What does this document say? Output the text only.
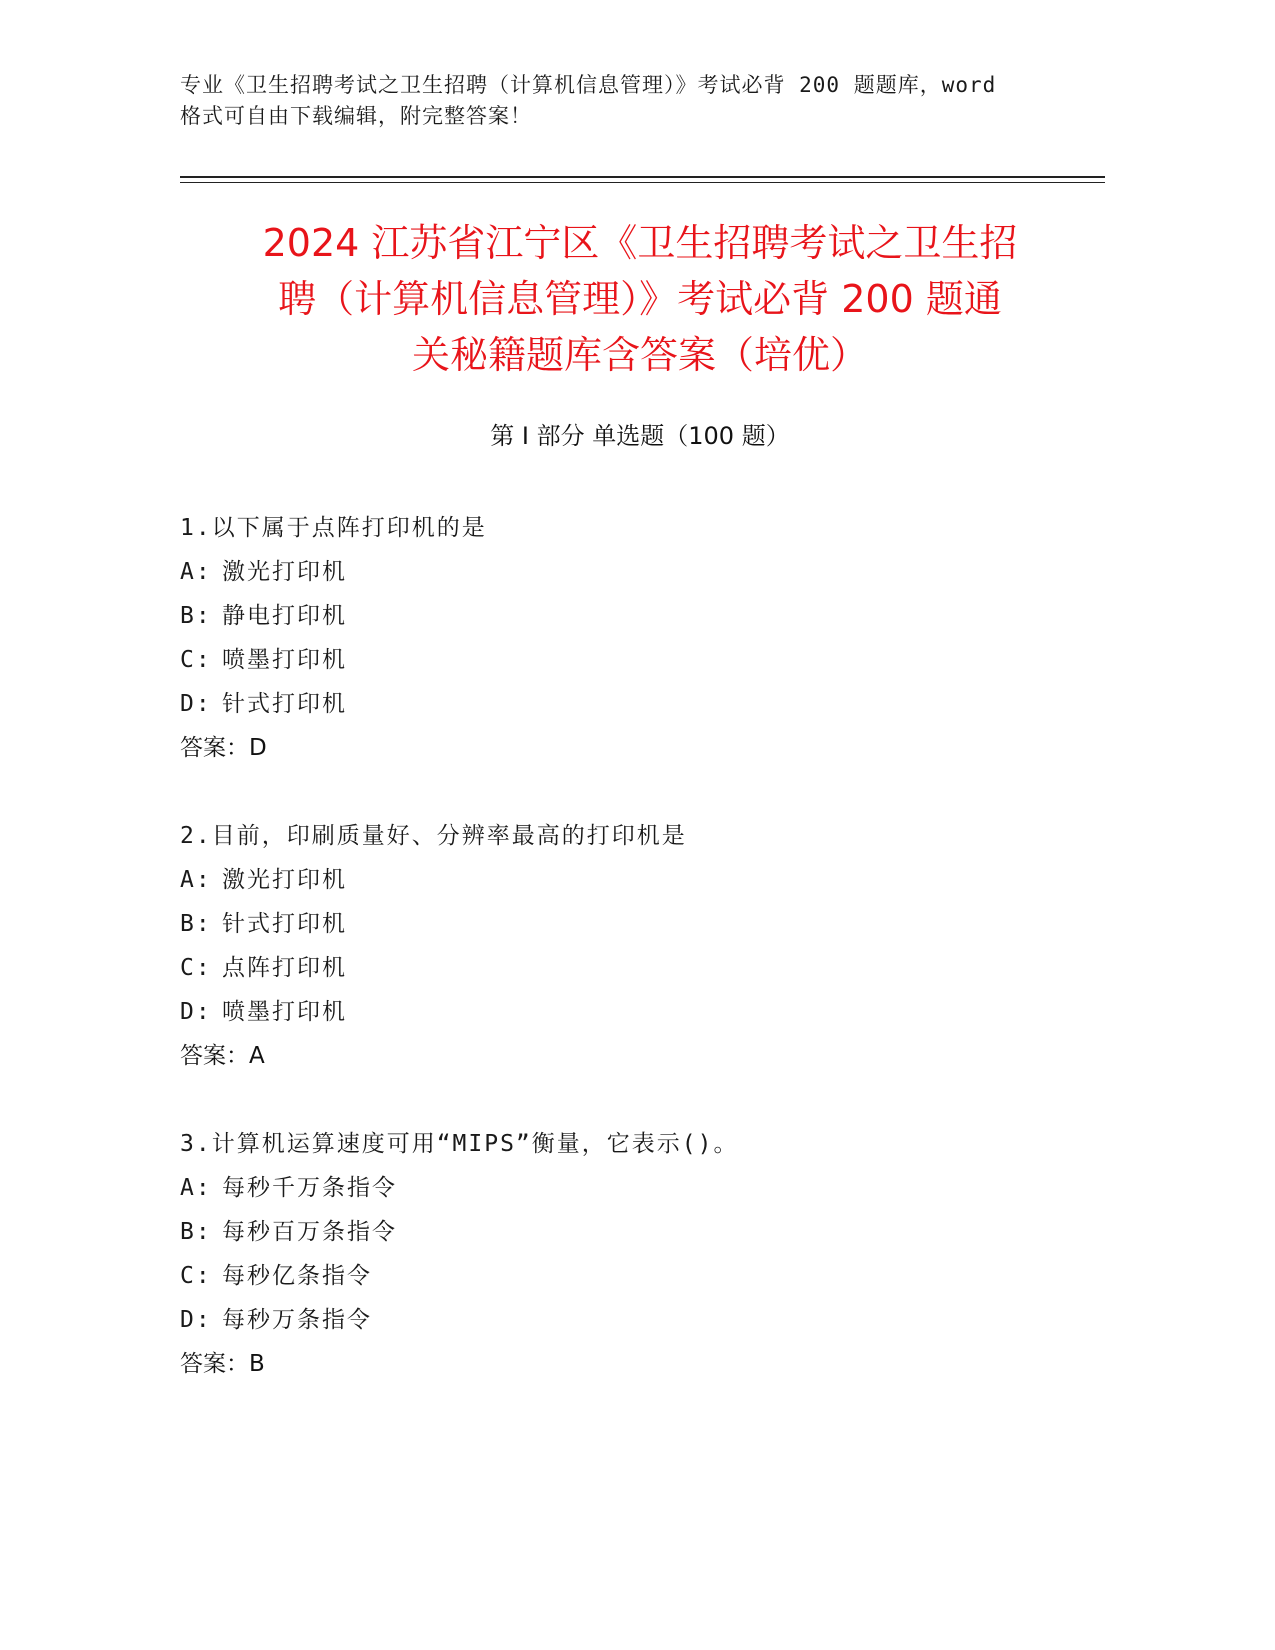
专业《卫生招聘考试之卫生招聘（计算机信息管理）》考试必背 200 题题库，word
格式可自由下载编辑，附完整答案！
2024 江苏省江宁区《卫生招聘考试之卫生招
聘（计算机信息管理）》考试必背 200 题通
关秘籍题库含答案（培优）
第 I 部分 单选题（100 题）
1.以下属于点阵打印机的是
A: 激光打印机
B: 静电打印机
C: 喷墨打印机
D: 针式打印机
答案：D
2.目前，印刷质量好、分辨率最高的打印机是
A: 激光打印机
B: 针式打印机
C: 点阵打印机
D: 喷墨打印机
答案：A
3.计算机运算速度可用“MIPS”衡量，它表示()。
A: 每秒千万条指令
B: 每秒百万条指令
C: 每秒亿条指令
D: 每秒万条指令
答案：B
